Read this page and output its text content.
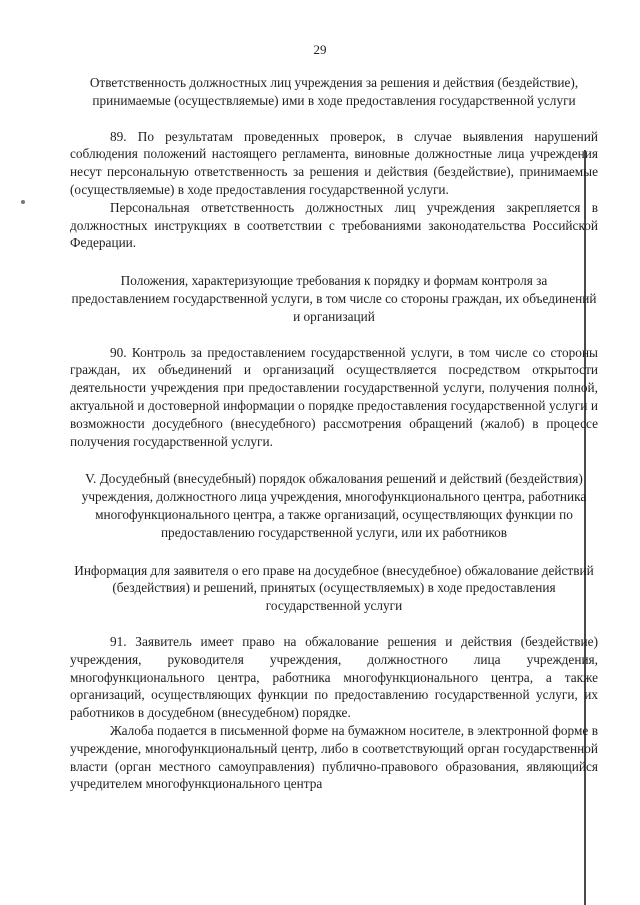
29

Ответственность должностных лиц учреждения за решения и действия (бездействие), принимаемые (осуществляемые) ими в ходе предоставления государственной услуги

89. По результатам проведенных проверок, в случае выявления нарушений соблюдения положений настоящего регламента, виновные должностные лица учреждения несут персональную ответственность за решения и действия (бездействие), принимаемые (осуществляемые) в ходе предоставления государственной услуги.

Персональная ответственность должностных лиц учреждения закрепляется в должностных инструкциях в соответствии с требованиями законодательства Российской Федерации.

Положения, характеризующие требования к порядку и формам контроля за предоставлением государственной услуги, в том числе со стороны граждан, их объединений и организаций

90. Контроль за предоставлением государственной услуги, в том числе со стороны граждан, их объединений и организаций осуществляется посредством открытости деятельности учреждения при предоставлении государственной услуги, получения полной, актуальной и достоверной информации о порядке предоставления государственной услуги и возможности досудебного (внесудебного) рассмотрения обращений (жалоб) в процессе получения государственной услуги.

V. Досудебный (внесудебный) порядок обжалования решений и действий (бездействия) учреждения, должностного лица учреждения, многофункционального центра, работника многофункционального центра, а также организаций, осуществляющих функции по предоставлению государственной услуги, или их работников

Информация для заявителя о его праве на досудебное (внесудебное) обжалование действий (бездействия) и решений, принятых (осуществляемых) в ходе предоставления государственной услуги

91. Заявитель имеет право на обжалование решения и действия (бездействие) учреждения, руководителя учреждения, должностного лица учреждения, многофункционального центра, работника многофункционального центра, а также организаций, осуществляющих функции по предоставлению государственной услуги, их работников в досудебном (внесудебном) порядке.

Жалоба подается в письменной форме на бумажном носителе, в электронной форме в учреждение, многофункциональный центр, либо в соответствующий орган государственной власти (орган местного самоуправления) публично-правового образования, являющийся учредителем многофункционального центра
